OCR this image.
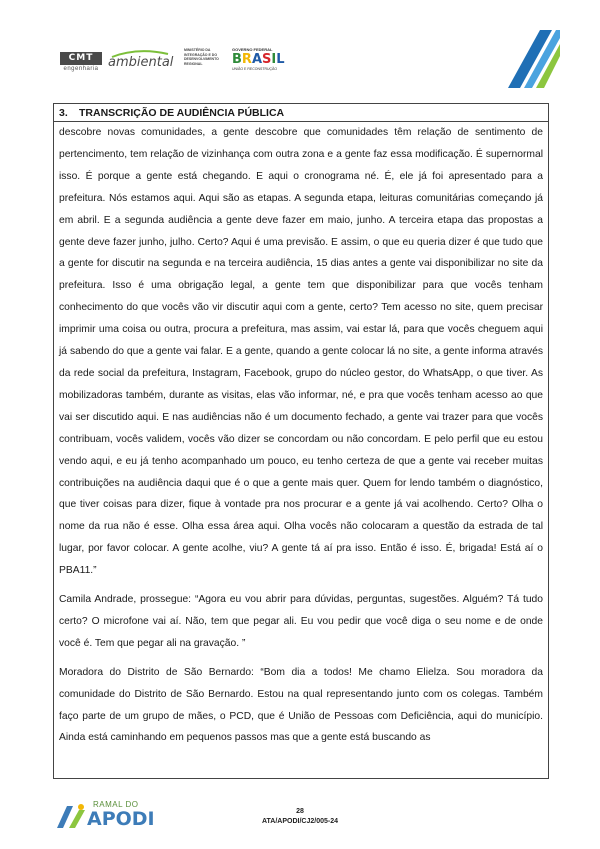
CMT
engenharia ambiental
MINISTÉRIO DA
INTEGRAÇÃO E DO
DESENVOLVIMENTO
REGIONAL
GOVERNO FEDERAL
B R A S I L
UNIÃO E RECONSTRUÇÃO
3. TRANSCRIÇÃO DE AUDIÊNCIA PÚBLICA

descobre novas comunidades, a gente descobre que comunidades têm relação de sentimento de pertencimento, tem relação de vizinhança com outra zona e a gente faz essa modificação. É supernormal isso. É porque a gente está chegando. E aqui o cronograma né. É, ele já foi apresentado para a prefeitura. Nós estamos aqui. Aqui são as etapas. A segunda etapa, leituras comunitárias começando já em abril. E a segunda audiência a gente deve fazer em maio, junho. A terceira etapa das propostas a gente deve fazer junho, julho. Certo? Aqui é uma previsão. E assim, o que eu queria dizer é que tudo que a gente for discutir na segunda e na terceira audiência, 15 dias antes a gente vai disponibilizar no site da prefeitura. Isso é uma obrigação legal, a gente tem que disponibilizar para que vocês tenham conhecimento do que vocês vão vir discutir aqui com a gente, certo? Tem acesso no site, quem precisar imprimir uma coisa ou outra, procura a prefeitura, mas assim, vai estar lá, para que vocês cheguem aqui já sabendo do que a gente vai falar. E a gente, quando a gente colocar lá no site, a gente informa através da rede social da prefeitura, Instagram, Facebook, grupo do núcleo gestor, do WhatsApp, o que tiver. As mobilizadoras também, durante as visitas, elas vão informar, né, e pra que vocês tenham acesso ao que vai ser discutido aqui. E nas audiências não é um documento fechado, a gente vai trazer para que vocês contribuam, vocês validem, vocês vão dizer se concordam ou não concordam. E pelo perfil que eu estou vendo aqui, e eu já tenho acompanhado um pouco, eu tenho certeza de que a gente vai receber muitas contribuições na audiência daqui que é o que a gente mais quer. Quem for lendo também o diagnóstico, que tiver coisas para dizer, fique à vontade pra nos procurar e a gente já vai acolhendo. Certo? Olha o nome da rua não é esse. Olha essa área aqui. Olha vocês não colocaram a questão da estrada de tal lugar, por favor colocar. A gente acolhe, viu? A gente tá aí pra isso. Então é isso. É, brigada! Está aí o PBA11.”

Camila Andrade, prossegue: “Agora eu vou abrir para dúvidas, perguntas, sugestões. Alguém? Tá tudo certo? O microfone vai aí. Não, tem que pegar ali. Eu vou pedir que você diga o seu nome e de onde você é. Tem que pegar ali na gravação. ”

Moradora do Distrito de São Bernardo: “Bom dia a todos! Me chamo Elielza. Sou moradora da comunidade do Distrito de São Bernardo. Estou na qual representando junto com os colegas. Também faço parte de um grupo de mães, o PCD, que é União de Pessoas com Deficiência, aqui do município. Ainda está caminhando em pequenos passos mas que a gente está buscando as

RAMAL DO
APODI	28
ATA/APODI/CJ2/005-24
